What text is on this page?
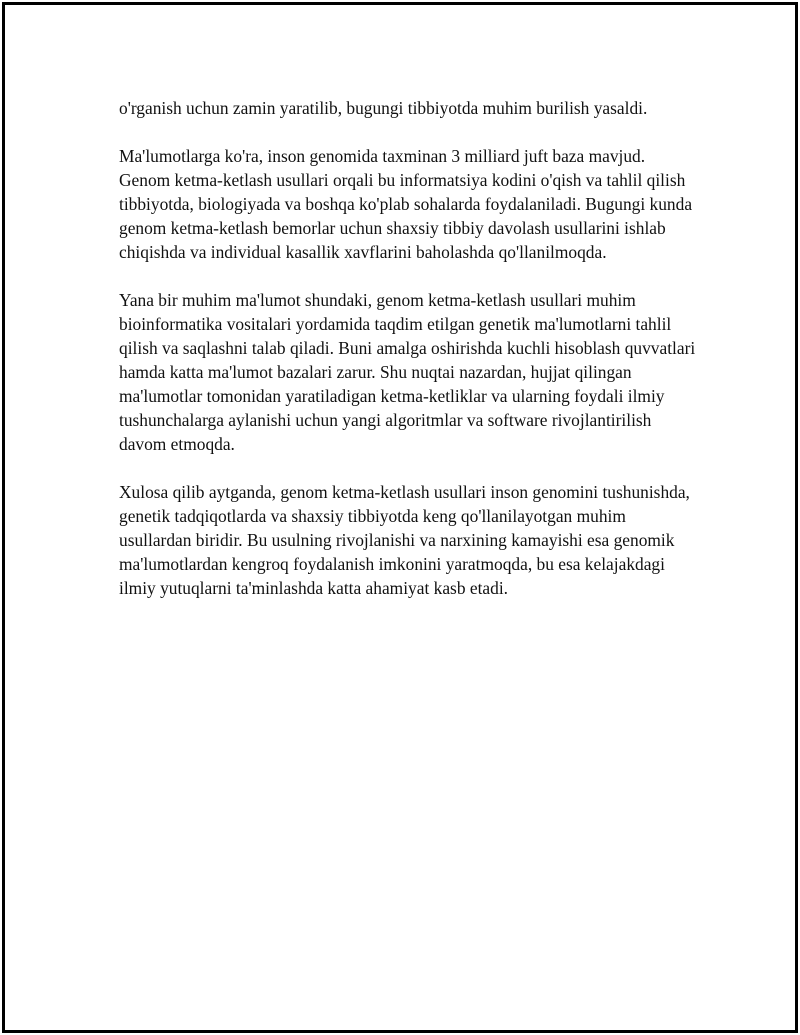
o'rganish uchun zamin yaratilib, bugungi tibbiyotda muhim burilish yasaldi.

Ma'lumotlarga ko'ra, inson genomida taxminan 3 milliard juft baza mavjud. Genom ketma-ketlash usullari orqali bu informatsiya kodini o'qish va tahlil qilish tibbiyotda, biologiyada va boshqa ko'plab sohalarda foydalaniladi. Bugungi kunda genom ketma-ketlash bemorlar uchun shaxsiy tibbiy davolash usullarini ishlab chiqishda va individual kasallik xavflarini baholashda qo'llanilmoqda.

Yana bir muhim ma'lumot shundaki, genom ketma-ketlash usullari muhim bioinformatika vositalari yordamida taqdim etilgan genetik ma'lumotlarni tahlil qilish va saqlashni talab qiladi. Buni amalga oshirishda kuchli hisoblash quvvatlari hamda katta ma'lumot bazalari zarur. Shu nuqtai nazardan, hujjat qilingan ma'lumotlar tomonidan yaratiladigan ketma-ketliklar va ularning foydali ilmiy tushunchalarga aylanishi uchun yangi algoritmlar va software rivojlantirilish davom etmoqda.

Xulosa qilib aytganda, genom ketma-ketlash usullari inson genomini tushunishda, genetik tadqiqotlarda va shaxsiy tibbiyotda keng qo'llanilayotgan muhim usullardan biridir. Bu usulning rivojlanishi va narxining kamayishi esa genomik ma'lumotlardan kengroq foydalanish imkonini yaratmoqda, bu esa kelajakdagi ilmiy yutuqlarni ta'minlashda katta ahamiyat kasb etadi.
